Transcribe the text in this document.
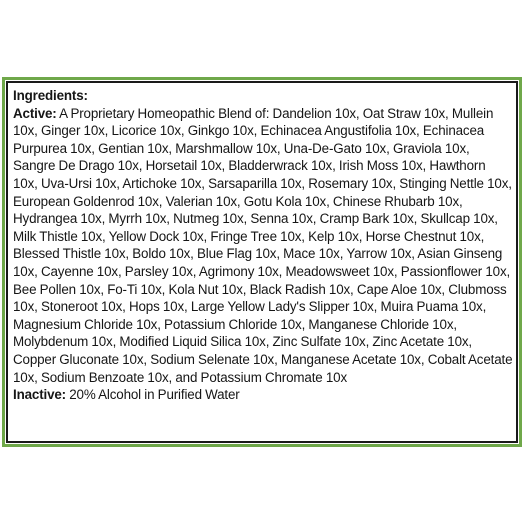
Ingredients:

Active: A Proprietary Homeopathic Blend of: Dandelion 10x, Oat Straw 10x, Mullein 10x, Ginger 10x, Licorice 10x, Ginkgo 10x, Echinacea Angustifolia 10x, Echinacea Purpurea 10x, Gentian 10x, Marshmallow 10x, Una-De-Gato 10x, Graviola 10x, Sangre De Drago 10x, Horsetail 10x, Bladderwrack 10x, Irish Moss 10x, Hawthorn 10x, Uva-Ursi 10x, Artichoke 10x, Sarsaparilla 10x, Rosemary 10x, Stinging Nettle 10x, European Goldenrod 10x, Valerian 10x, Gotu Kola 10x, Chinese Rhubarb 10x, Hydrangea 10x, Myrrh 10x, Nutmeg 10x, Senna 10x, Cramp Bark 10x, Skullcap 10x, Milk Thistle 10x, Yellow Dock 10x, Fringe Tree 10x, Kelp 10x, Horse Chestnut 10x, Blessed Thistle 10x, Boldo 10x, Blue Flag 10x, Mace 10x, Yarrow 10x, Asian Ginseng 10x, Cayenne 10x, Parsley 10x, Agrimony 10x, Meadowsweet 10x, Passionflower 10x, Bee Pollen 10x, Fo-Ti 10x, Kola Nut 10x, Black Radish 10x, Cape Aloe 10x, Clubmoss 10x, Stoneroot 10x, Hops 10x, Large Yellow Lady's Slipper 10x, Muira Puama 10x, Magnesium Chloride 10x, Potassium Chloride 10x, Manganese Chloride 10x, Molybdenum 10x, Modified Liquid Silica 10x, Zinc Sulfate 10x, Zinc Acetate 10x, Copper Gluconate 10x, Sodium Selenate 10x, Manganese Acetate 10x, Cobalt Acetate 10x, Sodium Benzoate 10x, and Potassium Chromate 10x

Inactive: 20% Alcohol in Purified Water
